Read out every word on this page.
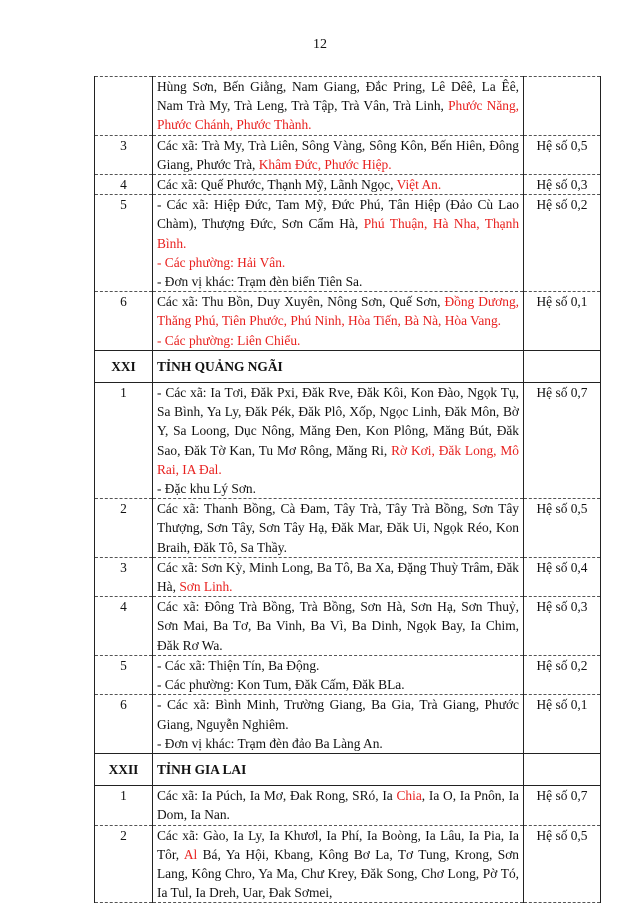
12

	Hùng Sơn, Bến Giằng, Nam Giang, Đắc Pring, Lê Dêê, La Êê, Nam Trà My, Trà Leng, Trà Tập, Trà Vân, Trà Linh, Phước Năng, Phước Chánh, Phước Thành.	

3	Các xã: Trà My, Trà Liên, Sông Vàng, Sông Kôn, Bến Hiên, Đông Giang, Phước Trà, Khâm Đức, Phước Hiệp.	Hệ số 0,5
4	Các xã: Quế Phước, Thạnh Mỹ, Lãnh Ngọc, Việt An.	Hệ số 0,3
5	- Các xã: Hiệp Đức, Tam Mỹ, Đức Phú, Tân Hiệp (Đảo Cù Lao Chàm), Thượng Đức, Sơn Cẩm Hà, Phú Thuận, Hà Nha, Thạnh Bình.

- Các phường: Hải Vân.

- Đơn vị khác: Trạm đèn biển Tiên Sa.	Hệ số 0,2
6	Các xã: Thu Bồn, Duy Xuyên, Nông Sơn, Quế Sơn, Đồng Dương, Thăng Phú, Tiên Phước, Phú Ninh, Hòa Tiến, Bà Nà, Hòa Vang.

- Các phường: Liên Chiểu.	Hệ số 0,1
XXI	TỈNH QUẢNG NGÃI	

1	- Các xã: Ia Tơi, Đăk Pxi, Đăk Rve, Đăk Kôi, Kon Đào, Ngọk Tụ, Sa Bình, Ya Ly, Đăk Pék, Đăk Plô, Xốp, Ngọc Linh, Đăk Môn, Bờ Y, Sa Loong, Dục Nông, Măng Đen, Kon Plông, Măng Bút, Đăk Sao, Đăk Tờ Kan, Tu Mơ Rông, Măng Ri, Rờ Kơi, Đăk Long, Mô Rai, IA Đal.

- Đặc khu Lý Sơn.	Hệ số 0,7
2	Các xã: Thanh Bồng, Cà Đam, Tây Trà, Tây Trà Bồng, Sơn Tây Thượng, Sơn Tây, Sơn Tây Hạ, Đăk Mar, Đăk Ui, Ngọk Réo, Kon Braih, Đăk Tô, Sa Thầy.	Hệ số 0,5
3	Các xã: Sơn Kỳ, Minh Long, Ba Tô, Ba Xa, Đặng Thuỳ Trâm, Đăk Hà, Sơn Linh.	Hệ số 0,4
4	Các xã: Đông Trà Bồng, Trà Bồng, Sơn Hà, Sơn Hạ, Sơn Thuỷ, Sơn Mai, Ba Tơ, Ba Vinh, Ba Vì, Ba Dinh, Ngọk Bay, Ia Chim, Đăk Rơ Wa.	Hệ số 0,3
5	- Các xã: Thiện Tín, Ba Động.

- Các phường: Kon Tum, Đăk Cấm, Đăk BLa.	Hệ số 0,2
6	- Các xã: Bình Minh, Trường Giang, Ba Gia, Trà Giang, Phước Giang, Nguyễn Nghiêm.

- Đơn vị khác: Trạm đèn đảo Ba Làng An.	Hệ số 0,1
XXII	TỈNH GIA LAI	

1	Các xã: Ia Púch, Ia Mơ, Đak Rong, SRó, Ia Chia, Ia O, Ia Pnôn, Ia Dom, Ia Nan.	Hệ số 0,7
2	Các xã: Gào, Ia Ly, Ia Khươl, Ia Phí, Ia Boòng, Ia Lâu, Ia Pia, Ia Tôr, Al Bá, Ya Hội, Kbang, Kông Bơ La, Tơ Tung, Krong, Sơn Lang, Kông Chro, Ya Ma, Chư Krey, Đăk Song, Chơ Long, Pờ Tó, Ia Tul, Ia Dreh, Uar, Đak Sơmei,	Hệ số 0,5
